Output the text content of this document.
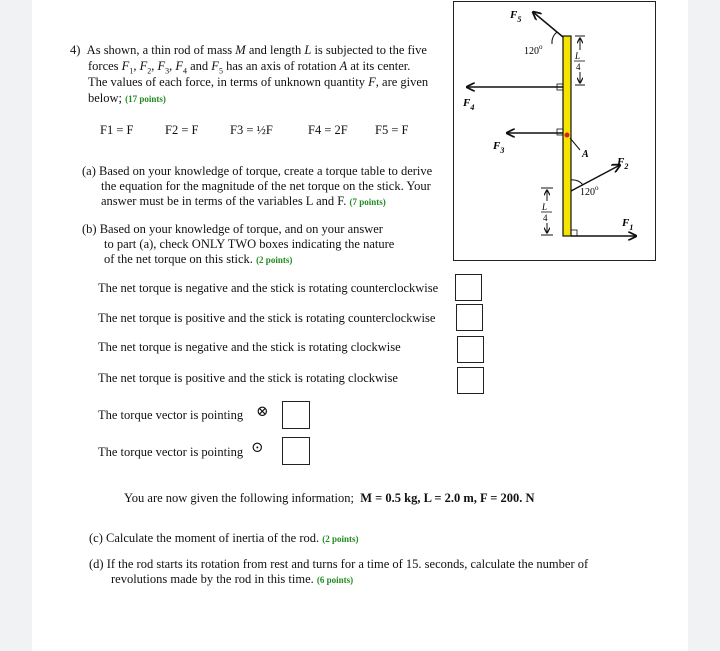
4) As shown, a thin rod of mass M and length L is subjected to the five
forces $F_1$, $F_2$, $F_3$, $F_4$ and $F_5$ has an axis of rotation A at its center.
The values of each force, in terms of unknown quantity F, are given
below; (17 points)
F1 = F	F2 = F	F3 = ½F	F4 = 2F F5 = F
(a) Based on your knowledge of torque, create a torque table to derive
the equation for the magnitude of the net torque on the stick. Your
answer must be in terms of the variables L and F. (7 points)
(b) Based on your knowledge of torque, and on your answer
to part (a), check ONLY TWO boxes indicating the nature
of the net torque on this stick. (2 points)
The net torque is negative and the stick is rotating counterclockwise
The net torque is positive and the stick is rotating counterclockwise
The net torque is negative and the stick is rotating clockwise
The net torque is positive and the stick is rotating clockwise
The torque vector is pointing ⊗
The torque vector is pointing ⊙
You are now given the following information; M = 0.5 kg, L = 2.0 m, F = 200. N
(c) Calculate the moment of inertia of the rod. (2 points)
(d) If the rod starts its rotation from rest and turns for a time of 15. seconds, calculate the number of
revolutions made by the rod in this time. (6 points)
$F_5$
120$^o$
L
4
$F_4$
$F_3$	A
120$^o$
$F_2$
L
4	$F_1$
